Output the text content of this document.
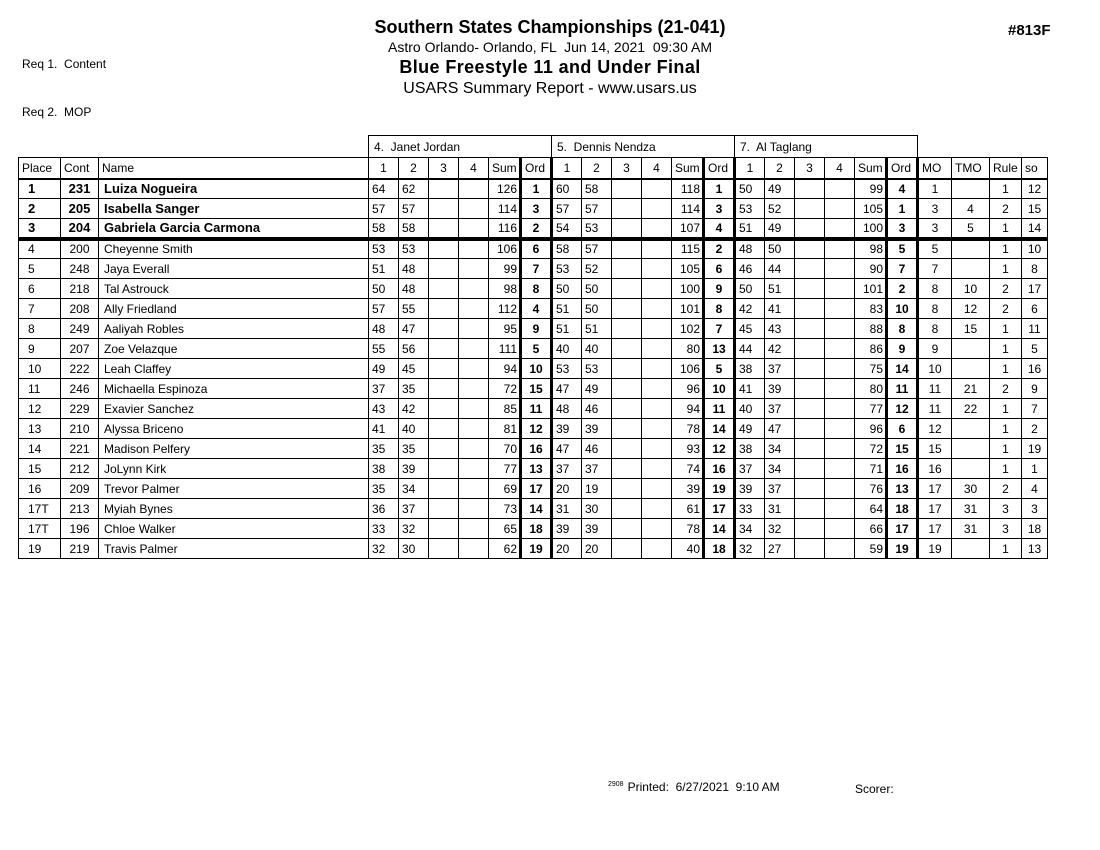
Req 1.  Content

Req 2.  MOP

Southern States Championships (21-041)
Astro Orlando- Orlando, FL  Jun 14, 2021  09:30 AM
Blue Freestyle 11 and Under Final
USARS Summary Report - www.usars.us
#813F
			4.  Janet Jordan						5.  Dennis Nendza						7.  Al Taglang									
Place	Cont	Name	1	2	3	4	Sum	Ord	1	2	3	4	Sum	Ord	1	2	3	4	Sum	Ord	MO	TMO	Rule	so
1	231	Luiza Nogueira	64	62			126	1	60	58			118	1	50	49			99	4	1		1	12
2	205	Isabella Sanger	57	57			114	3	57	57			114	3	53	52			105	1	3	4	2	15
3	204	Gabriela Garcia Carmona	58	58			116	2	54	53			107	4	51	49			100	3	3	5	1	14
4	200	Cheyenne Smith	53	53			106	6	58	57			115	2	48	50			98	5	5		1	10
5	248	Jaya Everall	51	48			99	7	53	52			105	6	46	44			90	7	7		1	8
6	218	Tal Astrouck	50	48			98	8	50	50			100	9	50	51			101	2	8	10	2	17
7	208	Ally Friedland	57	55			112	4	51	50			101	8	42	41			83	10	8	12	2	6
8	249	Aaliyah Robles	48	47			95	9	51	51			102	7	45	43			88	8	8	15	1	11
9	207	Zoe Velazque	55	56			111	5	40	40			80	13	44	42			86	9	9		1	5
10	222	Leah Claffey	49	45			94	10	53	53			106	5	38	37			75	14	10		1	16
11	246	Michaella Espinoza	37	35			72	15	47	49			96	10	41	39			80	11	11	21	2	9
12	229	Exavier Sanchez	43	42			85	11	48	46			94	11	40	37			77	12	11	22	1	7
13	210	Alyssa Briceno	41	40			81	12	39	39			78	14	49	47			96	6	12		1	2
14	221	Madison Pelfery	35	35			70	16	47	46			93	12	38	34			72	15	15		1	19
15	212	JoLynn Kirk	38	39			77	13	37	37			74	16	37	34			71	16	16		1	1
16	209	Trevor Palmer	35	34			69	17	20	19			39	19	39	37			76	13	17	30	2	4
17T	213	Myiah Bynes	36	37			73	14	31	30			61	17	33	31			64	18	17	31	3	3
17T	196	Chloe Walker	33	32			65	18	39	39			78	14	34	32			66	17	17	31	3	18
19	219	Travis Palmer	32	30			62	19	20	20			40	18	32	27			59	19	19		1	13
$^{2908}$ Printed:  6/27/2021  9:10 AM	Scorer:
